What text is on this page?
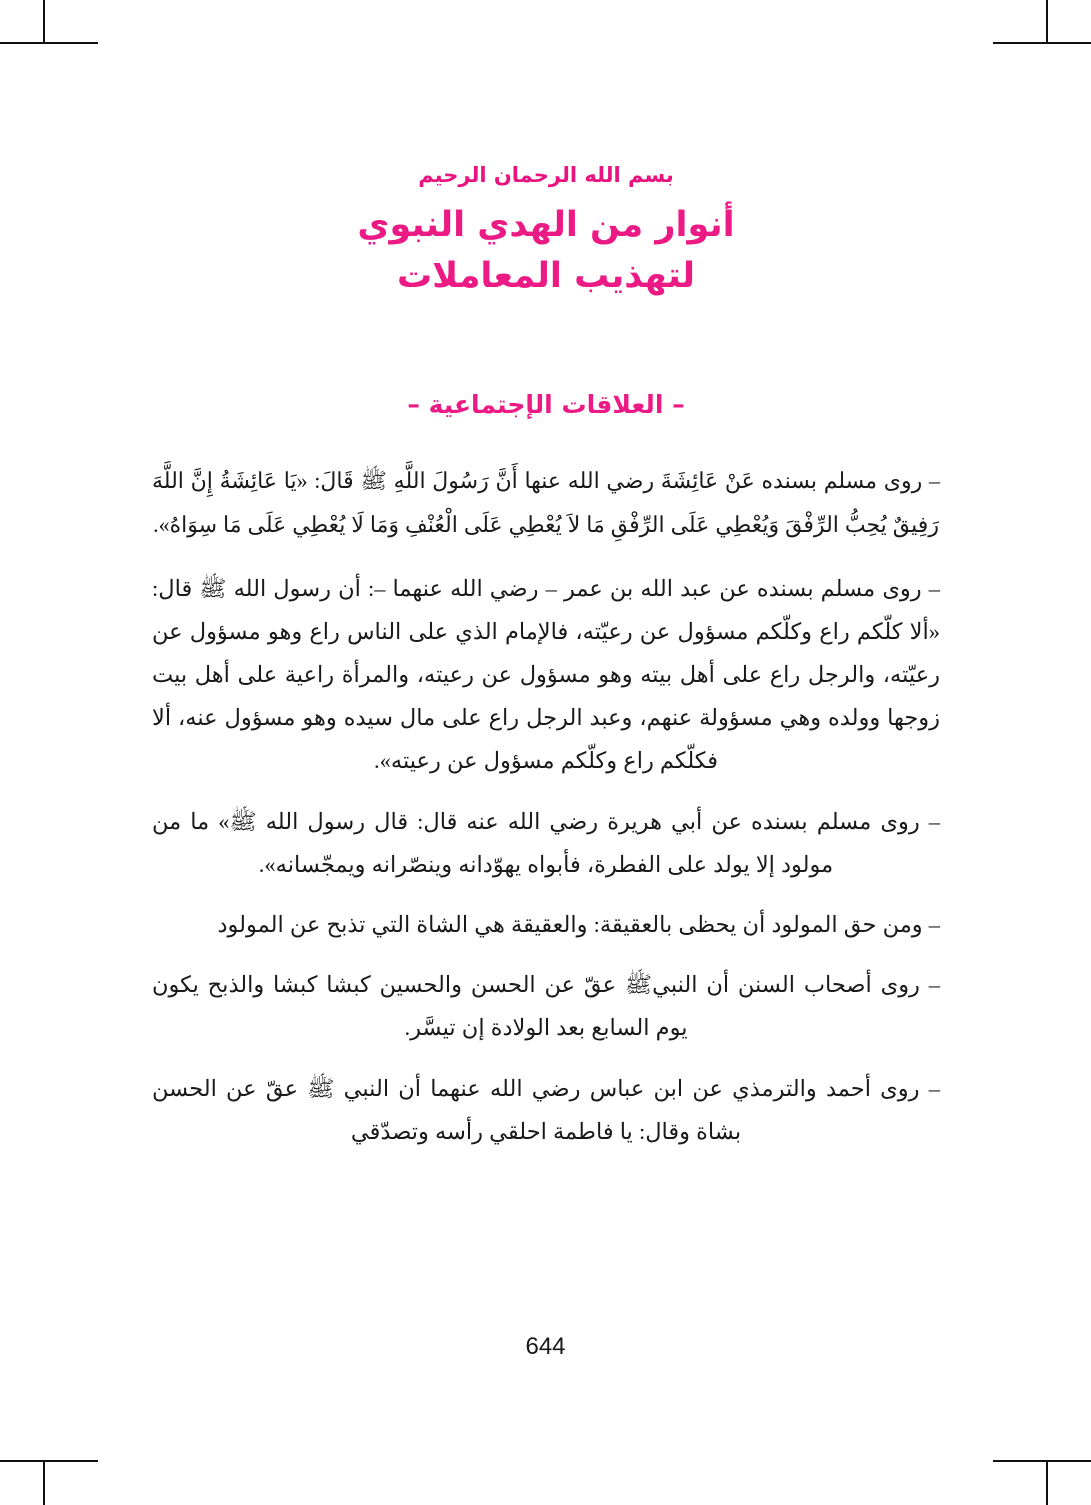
بسم الله الرحمان الرحيم
أنوار من الهدي النبوي
لتهذيب المعاملات
– العلاقات الإجتماعية –

– روى مسلم بسنده عَنْ عَائِشَةَ رضي الله عنها أَنَّ رَسُولَ اللَّهِ ﷺ قَالَ: «يَا عَائِشَةُ إِنَّ اللَّهَ رَفِيقٌ يُحِبُّ الرِّفْقَ وَيُعْطِي عَلَى الرِّفْقِ مَا لاَ يُعْطِي عَلَى الْعُنْفِ وَمَا لَا يُعْطِي عَلَى مَا سِوَاهُ».

– روى مسلم بسنده عن عبد الله بن عمر – رضي الله عنهما –: أن رسول الله ﷺ قال: «ألا كلّكم راع وكلّكم مسؤول عن رعيّته، فالإمام الذي على الناس راع وهو مسؤول عن رعيّته، والرجل راع على أهل بيته وهو مسؤول عن رعيته، والمرأة راعية على أهل بيت زوجها وولده وهي مسؤولة عنهم، وعبد الرجل راع على مال سيده وهو مسؤول عنه، ألا فكلّكم راع وكلّكم مسؤول عن رعيته».

– روى مسلم بسنده عن أبي هريرة رضي الله عنه قال: قال رسول الله ﷺ» ما من مولود إلا يولد على الفطرة، فأبواه يهوّدانه وينصّرانه ويمجّسانه».

– ومن حق المولود أن يحظى بالعقيقة: والعقيقة هي الشاة التي تذبح عن المولود

– روى أصحاب السنن أن النبيﷺ عقّ عن الحسن والحسين كبشا كبشا والذبح يكون يوم السابع بعد الولادة إن تيسَّر.

– روى أحمد والترمذي عن ابن عباس رضي الله عنهما أن النبي ﷺ عقّ عن الحسن بشاة وقال: يا فاطمة احلقي رأسه وتصدّقي

644
